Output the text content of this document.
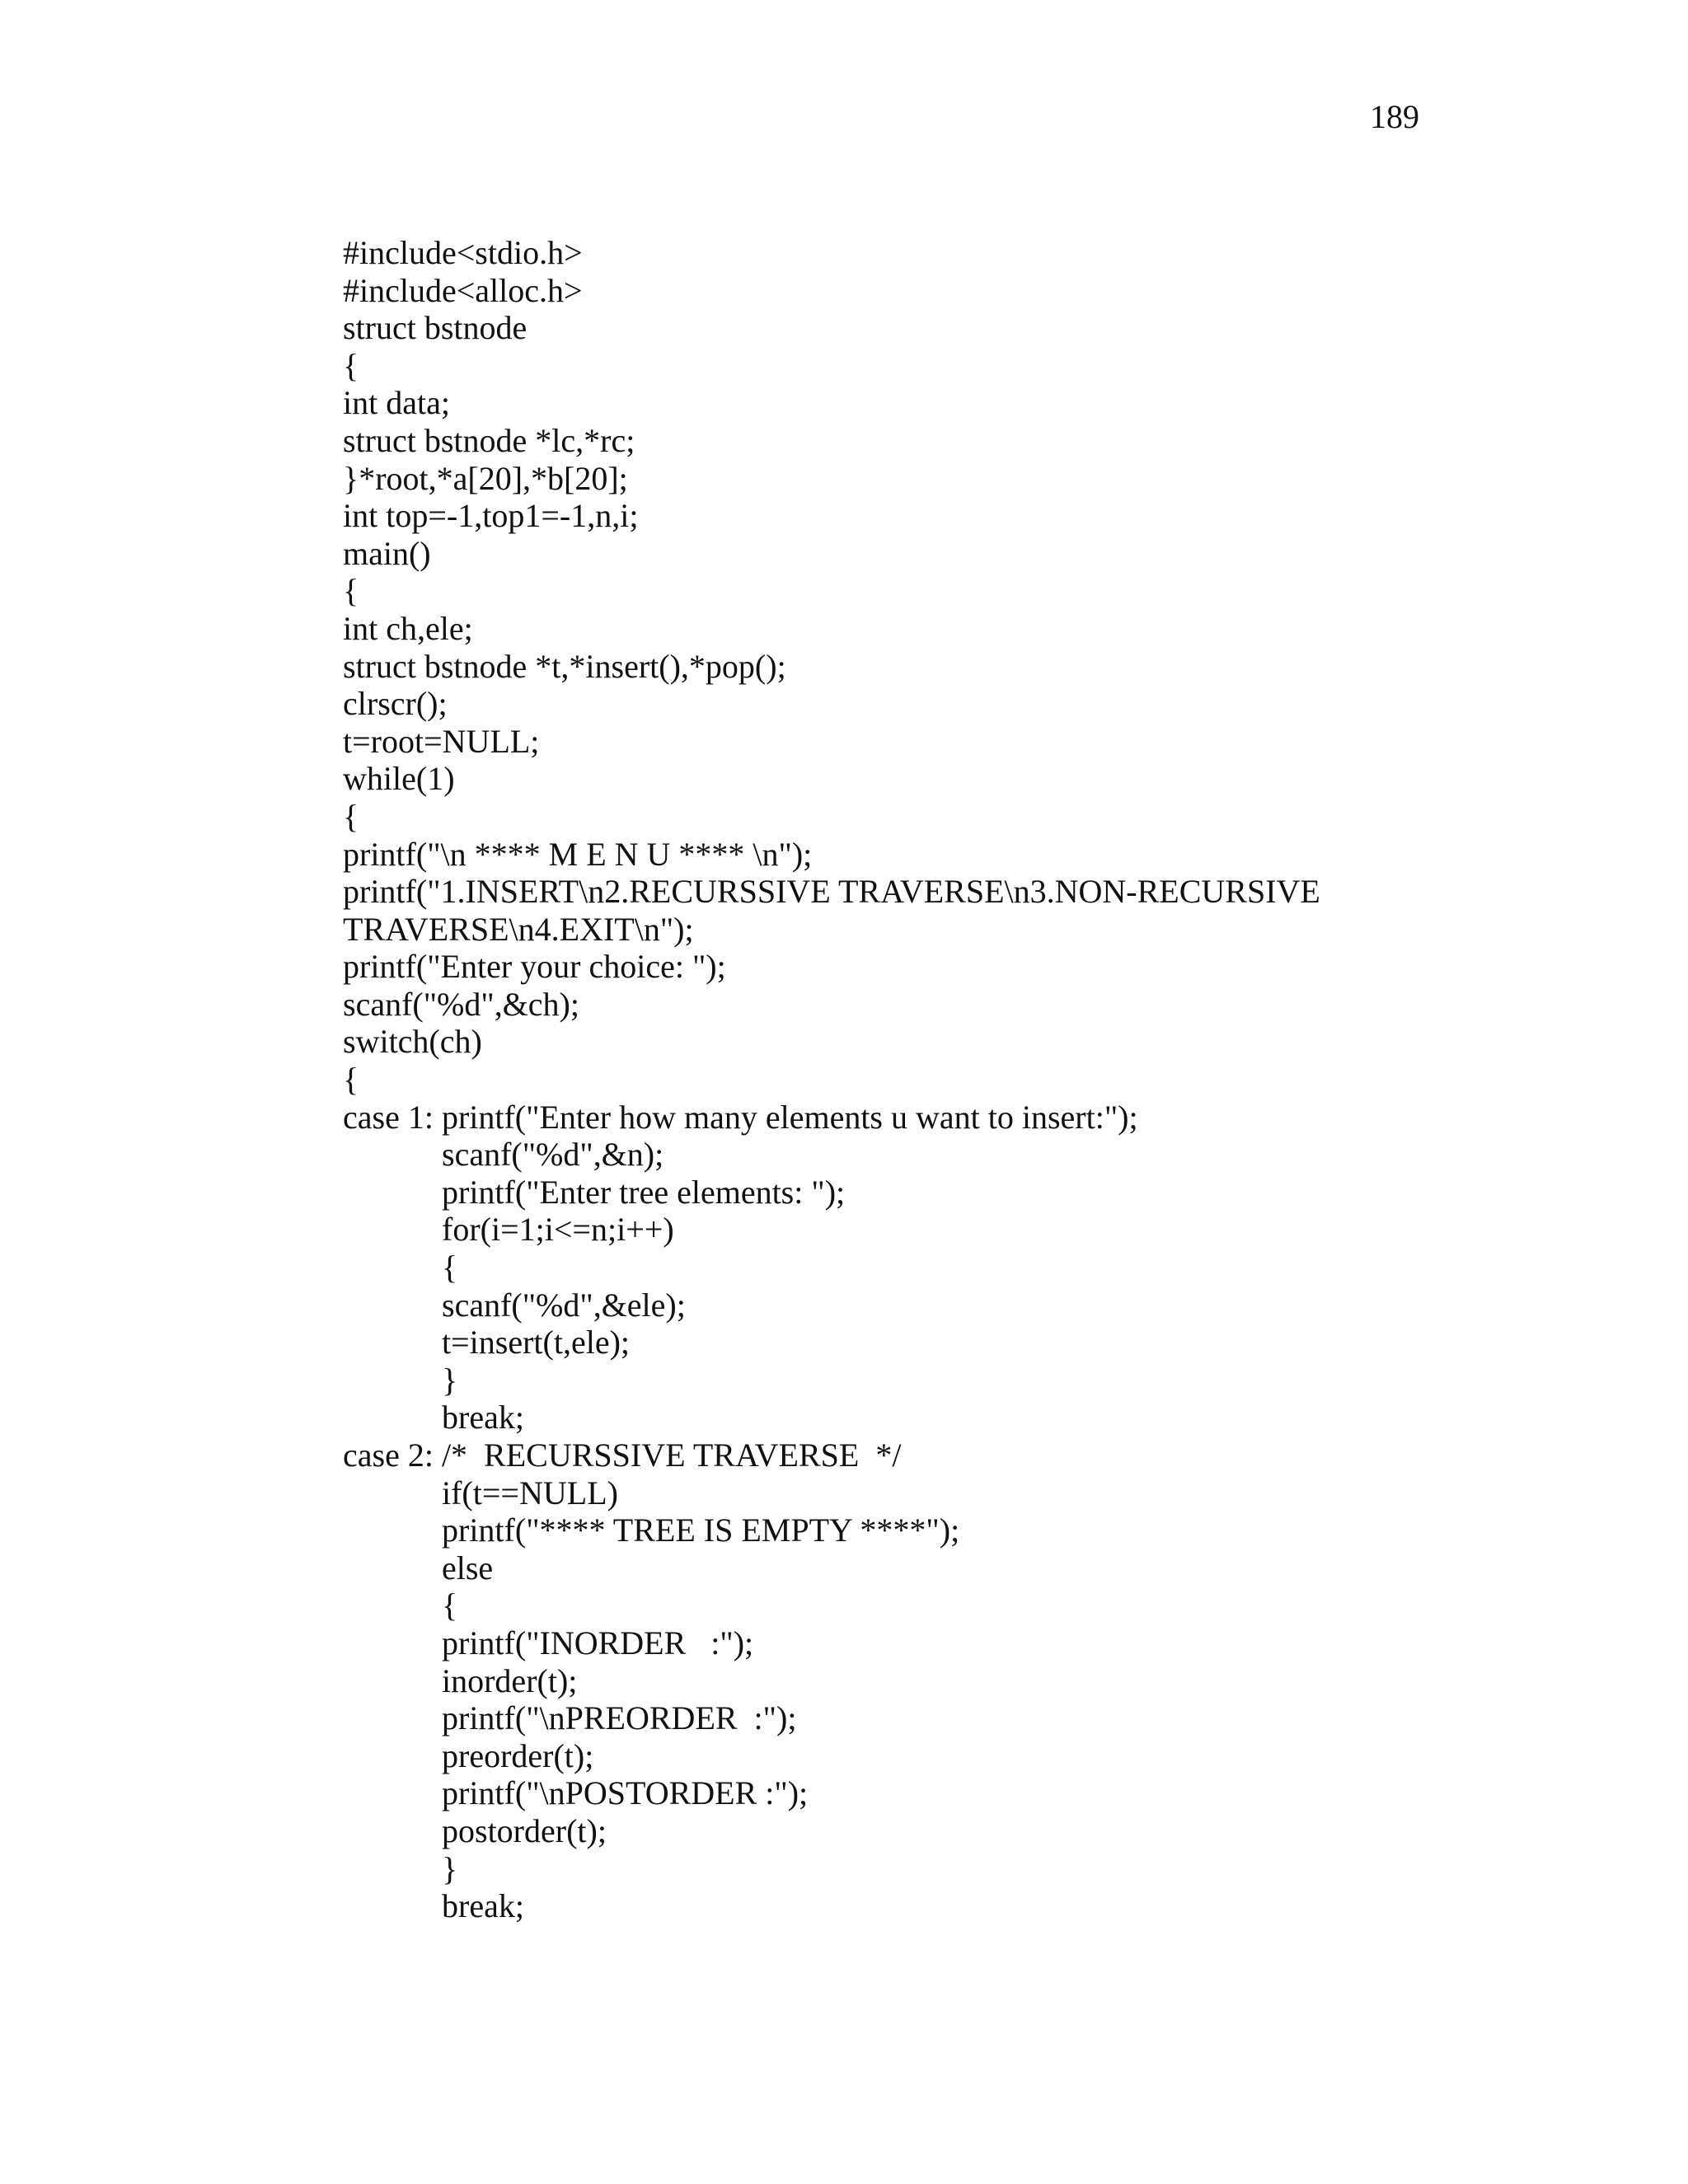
189
#include<stdio.h>
#include<alloc.h>
struct bstnode
{
int data;
struct bstnode *lc,*rc;
}*root,*a[20],*b[20];
int top=-1,top1=-1,n,i;
main()
{
int ch,ele;
struct bstnode *t,*insert(),*pop();
clrscr();
t=root=NULL;
while(1)
{
printf("\n **** M E N U **** \n");
printf("1.INSERT\n2.RECURSSIVE TRAVERSE\n3.NON-RECURSIVE
TRAVERSE\n4.EXIT\n");
printf("Enter your choice: ");
scanf("%d",&ch);
switch(ch)
{
case 1: printf("Enter how many elements u want to insert:");
scanf("%d",&n);
printf("Enter tree elements: ");
for(i=1;i<=n;i++)
{
scanf("%d",&ele);
t=insert(t,ele);
}
break;
case 2: /*  RECURSSIVE TRAVERSE  */
if(t==NULL)
printf("**** TREE IS EMPTY ****");
else
{
printf("INORDER   :");
inorder(t);
printf("\nPREORDER  :");
preorder(t);
printf("\nPOSTORDER :");
postorder(t);
}
break;
